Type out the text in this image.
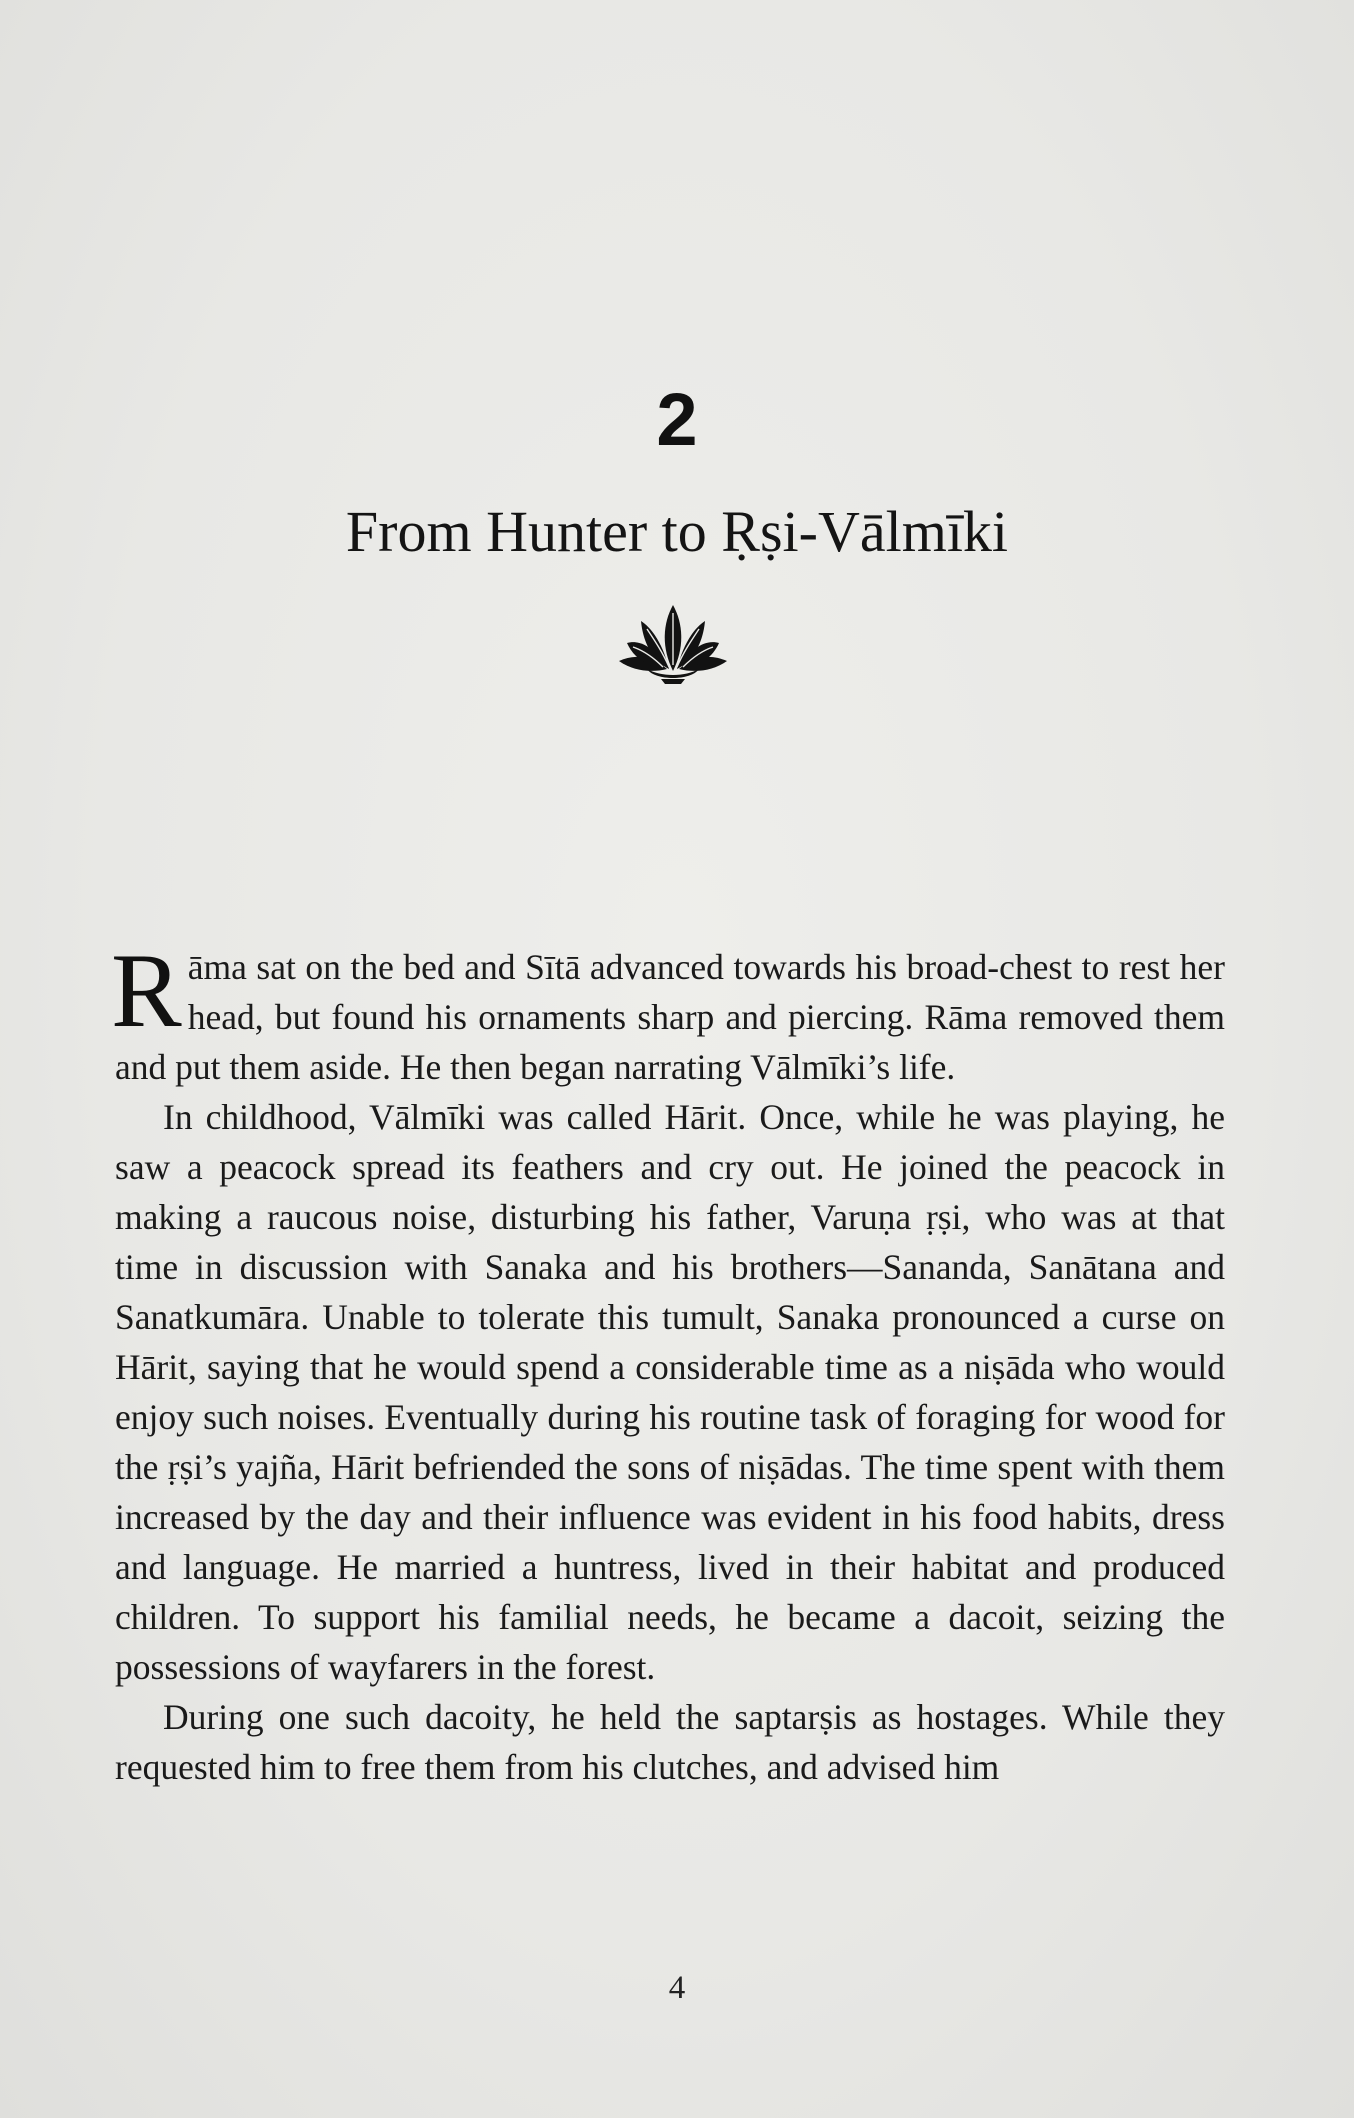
2
From Hunter to Ṛṣi-Vālmīki

Rāma sat on the bed and Sītā advanced towards his broad-chest to rest her head, but found his ornaments sharp and piercing. Rāma removed them and put them aside. He then began narrating Vālmīki’s life.

In childhood, Vālmīki was called Hārit. Once, while he was playing, he saw a peacock spread its feathers and cry out. He joined the peacock in making a raucous noise, disturbing his father, Varuṇa ṛṣi, who was at that time in discussion with Sanaka and his brothers—Sananda, Sanātana and Sanatkumāra. Unable to tolerate this tumult, Sanaka pronounced a curse on Hārit, saying that he would spend a considerable time as a niṣāda who would enjoy such noises. Eventually during his routine task of foraging for wood for the ṛṣi’s yajña, Hārit befriended the sons of niṣādas. The time spent with them increased by the day and their influence was evident in his food habits, dress and language. He married a huntress, lived in their habitat and produced children. To support his familial needs, he became a dacoit, seizing the possessions of wayfarers in the forest.

During one such dacoity, he held the saptarṣis as hostages. While they requested him to free them from his clutches, and advised him

4
